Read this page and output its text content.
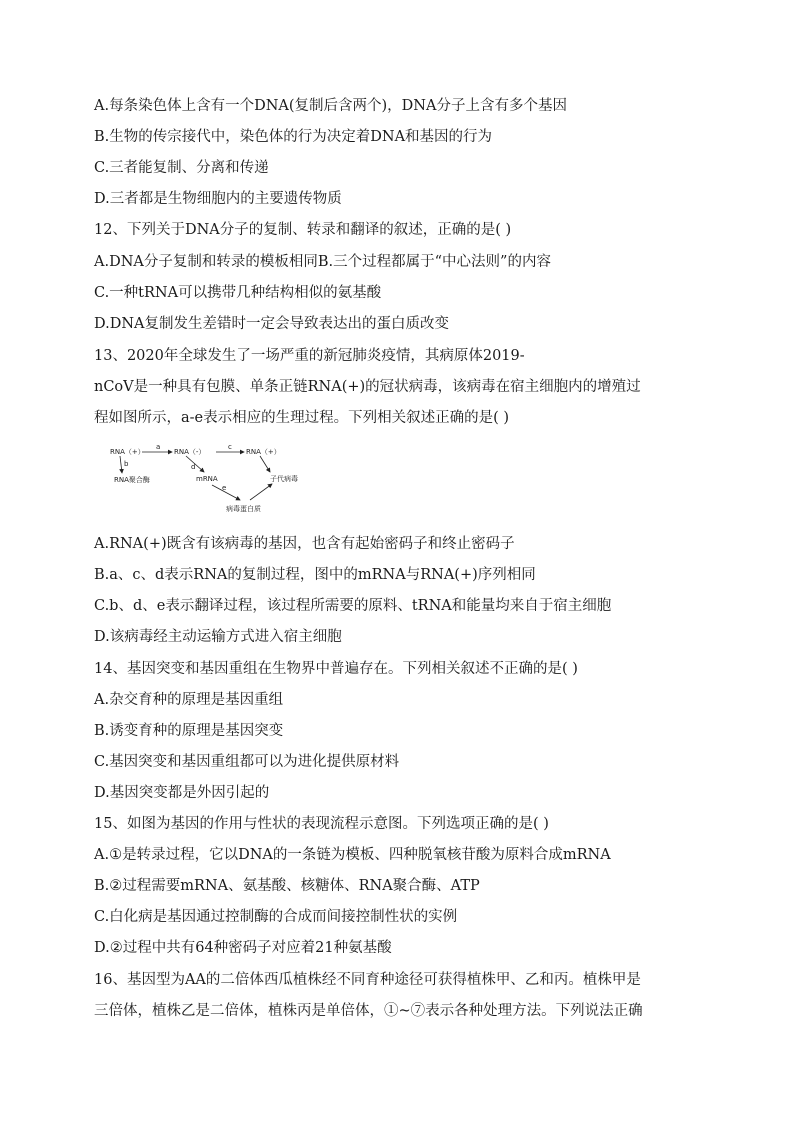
A.每条染色体上含有一个DNA(复制后含两个)，DNA分子上含有多个基因
B.生物的传宗接代中，染色体的行为决定着DNA和基因的行为
C.三者能复制、分离和传递
D.三者都是生物细胞内的主要遗传物质
12、下列关于DNA分子的复制、转录和翻译的叙述，正确的是( )
A.DNA分子复制和转录的模板相同B.三个过程都属于“中心法则”的内容
C.一种tRNA可以携带几种结构相似的氨基酸
D.DNA复制发生差错时一定会导致表达出的蛋白质改变
13、2020年全球发生了一场严重的新冠肺炎疫情，其病原体2019-
nCoV是一种具有包膜、单条正链RNA(+)的冠状病毒，该病毒在宿主细胞内的增殖过
程如图所示，a-e表示相应的生理过程。下列相关叙述正确的是( )
RNA（+）
a
RNA（-）
c
RNA（+）
b
RNA聚合酶
d
mRNA	子代病毒
e
病毒蛋白质
A.RNA(+)既含有该病毒的基因，也含有起始密码子和终止密码子
B.a、c、d表示RNA的复制过程，图中的mRNA与RNA(+)序列相同
C.b、d、e表示翻译过程，该过程所需要的原料、tRNA和能量均来自于宿主细胞
D.该病毒经主动运输方式进入宿主细胞
14、基因突变和基因重组在生物界中普遍存在。下列相关叙述不正确的是( )
A.杂交育种的原理是基因重组
B.诱变育种的原理是基因突变
C.基因突变和基因重组都可以为进化提供原材料
D.基因突变都是外因引起的
15、如图为基因的作用与性状的表现流程示意图。下列选项正确的是( )
A.①是转录过程，它以DNA的一条链为模板、四种脱氧核苷酸为原料合成mRNA
B.②过程需要mRNA、氨基酸、核糖体、RNA聚合酶、ATP
C.白化病是基因通过控制酶的合成而间接控制性状的实例
D.②过程中共有64种密码子对应着21种氨基酸
16、基因型为AA的二倍体西瓜植株经不同育种途径可获得植株甲、乙和丙。植株甲是
三倍体，植株乙是二倍体，植株丙是单倍体，①~⑦表示各种处理方法。下列说法正确
